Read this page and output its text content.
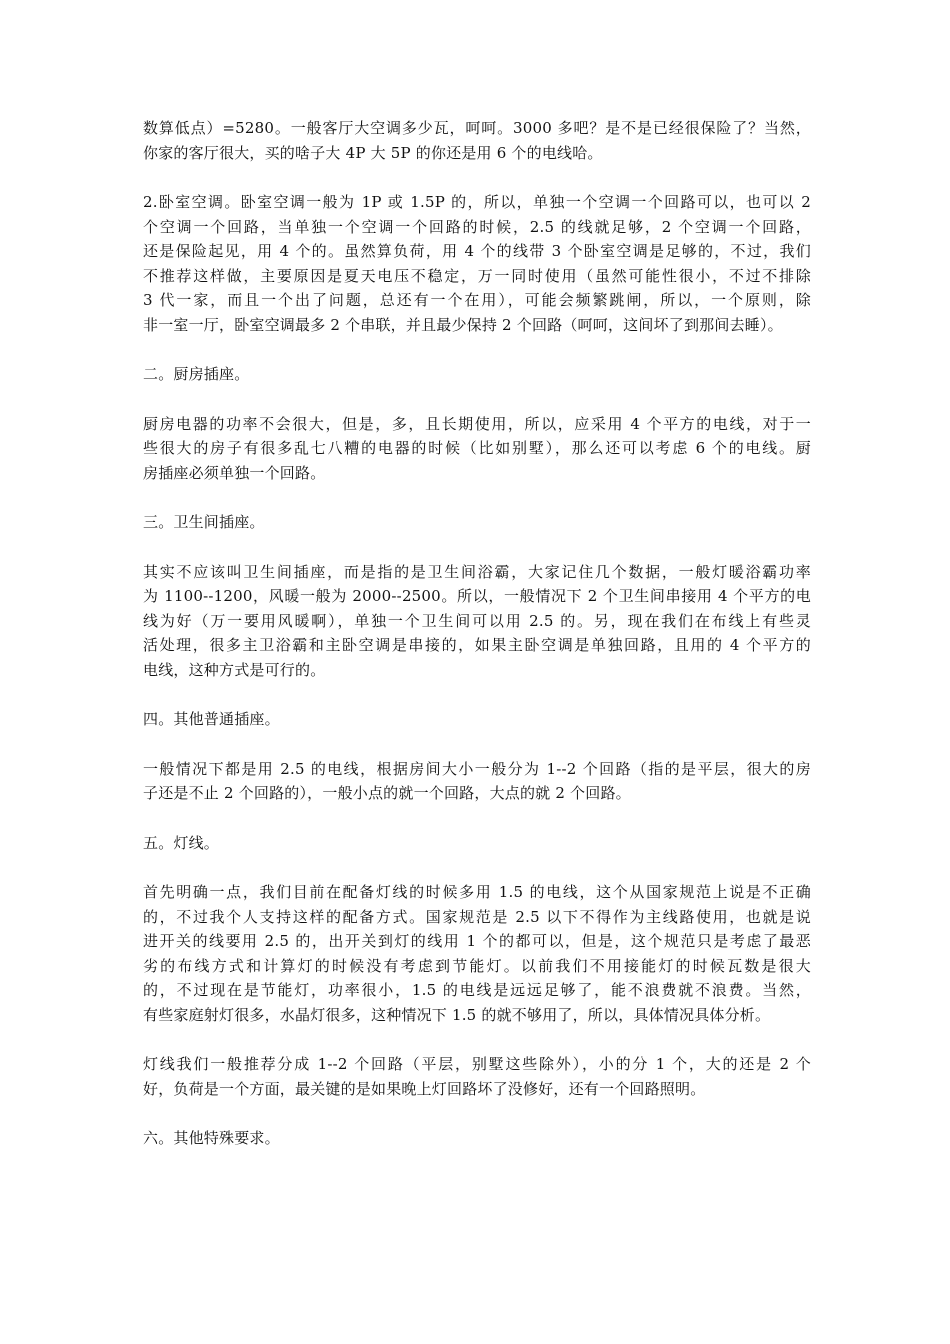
数算低点）=5280。一般客厅大空调多少瓦，呵呵。3000 多吧？是不是已经很保险了？当然，
你家的客厅很大，买的啥子大 4P 大 5P 的你还是用 6 个的电线哈。

2.卧室空调。卧室空调一般为 1P 或 1.5P 的，所以，单独一个空调一个回路可以，也可以 2
个空调一个回路，当单独一个空调一个回路的时候，2.5 的线就足够，2 个空调一个回路，
还是保险起见，用 4 个的。虽然算负荷，用 4 个的线带 3 个卧室空调是足够的，不过，我们
不推荐这样做，主要原因是夏天电压不稳定，万一同时使用（虽然可能性很小，不过不排除
3 代一家，而且一个出了问题，总还有一个在用），可能会频繁跳闸，所以，一个原则，除
非一室一厅，卧室空调最多 2 个串联，并且最少保持 2 个回路（呵呵，这间坏了到那间去睡）。

二。厨房插座。

厨房电器的功率不会很大，但是，多，且长期使用，所以，应采用 4 个平方的电线，对于一
些很大的房子有很多乱七八糟的电器的时候（比如别墅），那么还可以考虑 6 个的电线。厨
房插座必须单独一个回路。

三。卫生间插座。

其实不应该叫卫生间插座，而是指的是卫生间浴霸，大家记住几个数据，一般灯暖浴霸功率
为 1100--1200，风暖一般为 2000--2500。所以，一般情况下 2 个卫生间串接用 4 个平方的电
线为好（万一要用风暖啊），单独一个卫生间可以用 2.5 的。另，现在我们在布线上有些灵
活处理，很多主卫浴霸和主卧空调是串接的，如果主卧空调是单独回路，且用的 4 个平方的
电线，这种方式是可行的。

四。其他普通插座。

一般情况下都是用 2.5 的电线，根据房间大小一般分为 1--2 个回路（指的是平层，很大的房
子还是不止 2 个回路的），一般小点的就一个回路，大点的就 2 个回路。

五。灯线。

首先明确一点，我们目前在配备灯线的时候多用 1.5 的电线，这个从国家规范上说是不正确
的，不过我个人支持这样的配备方式。国家规范是 2.5 以下不得作为主线路使用，也就是说
进开关的线要用 2.5 的，出开关到灯的线用 1 个的都可以，但是，这个规范只是考虑了最恶
劣的布线方式和计算灯的时候没有考虑到节能灯。以前我们不用接能灯的时候瓦数是很大
的，不过现在是节能灯，功率很小，1.5 的电线是远远足够了，能不浪费就不浪费。当然，
有些家庭射灯很多，水晶灯很多，这种情况下 1.5 的就不够用了，所以，具体情况具体分析。

灯线我们一般推荐分成 1--2 个回路（平层，别墅这些除外），小的分 1 个，大的还是 2 个
好，负荷是一个方面，最关键的是如果晚上灯回路坏了没修好，还有一个回路照明。

六。其他特殊要求。
